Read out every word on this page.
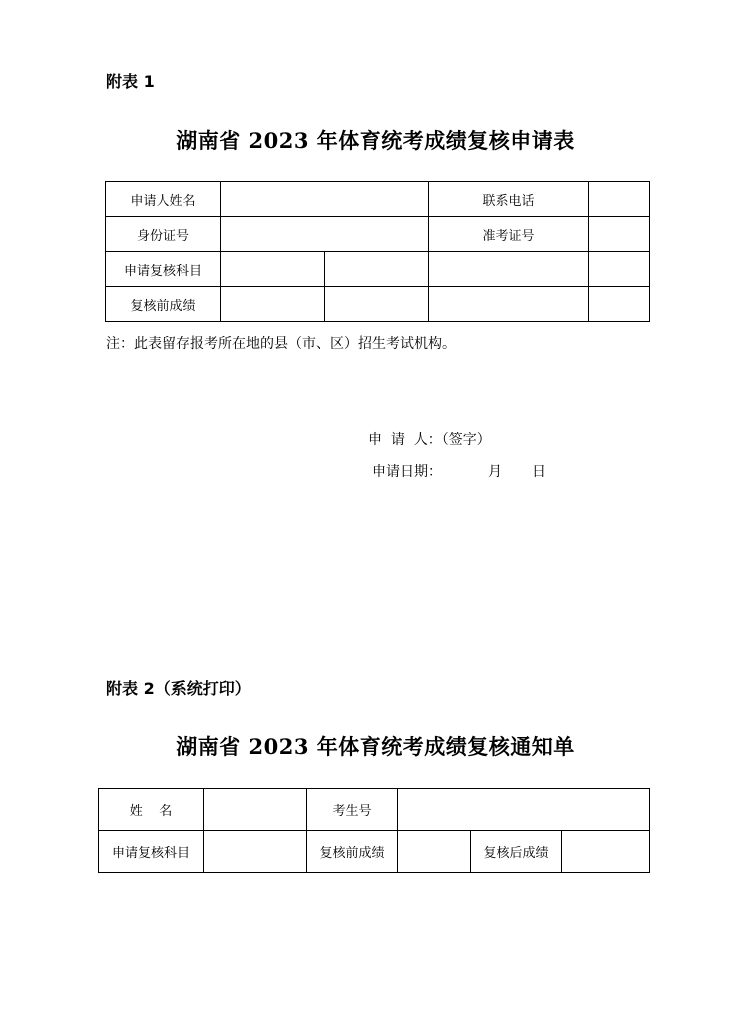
附表 1
湖南省 2023 年体育统考成绩复核申请表
申请人姓名			联系电话	
身份证号			准考证号	
申请复核科目				
复核前成绩				
注：此表留存报考所在地的县（市、区）招生考试机构。
申  请  人：（签字）
申请日期：	月 日
附表 2（系统打印）
湖南省 2023 年体育统考成绩复核通知单
姓    名		考生号			
申请复核科目		复核前成绩		复核后成绩	
